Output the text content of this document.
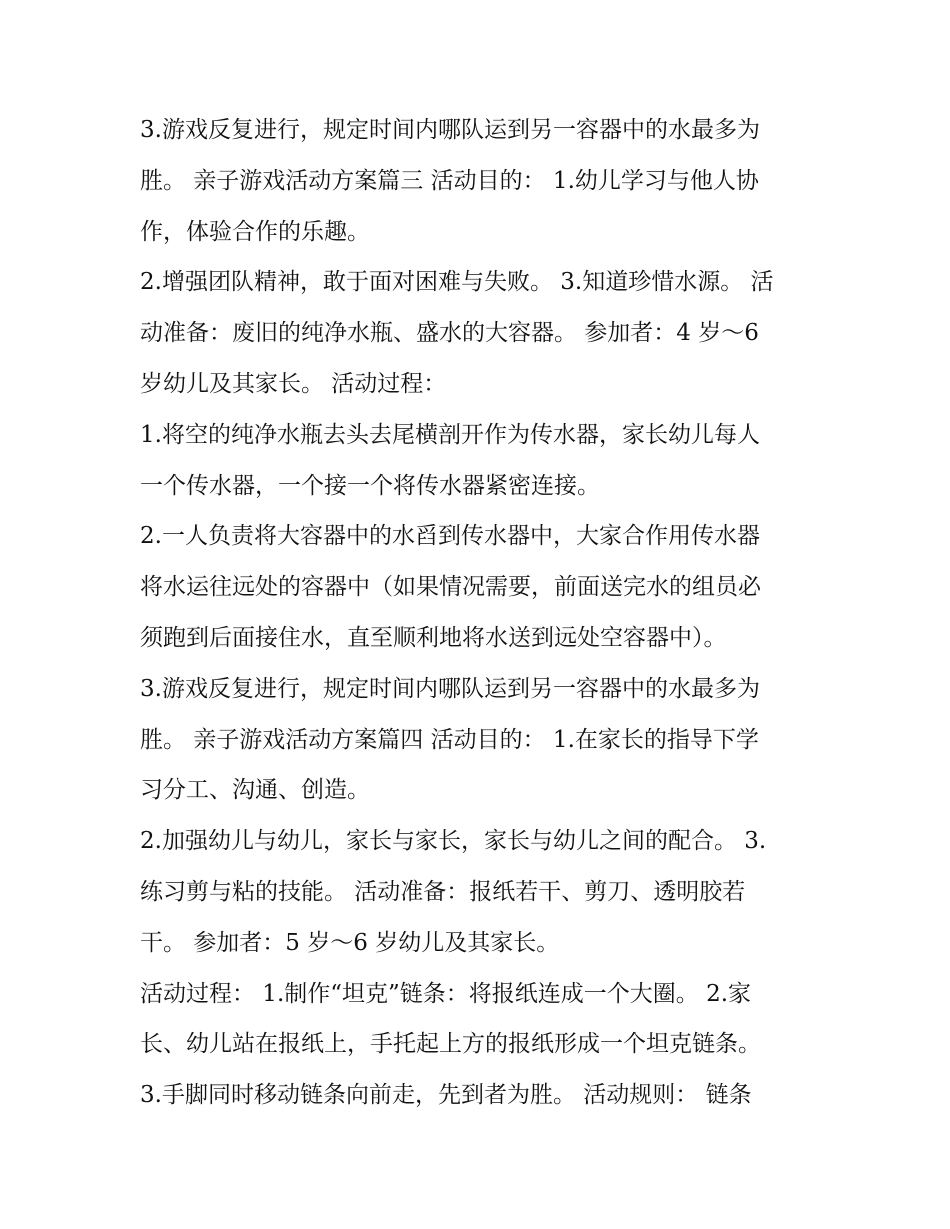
3.游戏反复进行，规定时间内哪队运到另一容器中的水最多为
胜。 亲子游戏活动方案篇三 活动目的： 1.幼儿学习与他人协
作，体验合作的乐趣。
2.增强团队精神，敢于面对困难与失败。 3.知道珍惜水源。 活
动准备：废旧的纯净水瓶、盛水的大容器。 参加者：4 岁～6
岁幼儿及其家长。 活动过程：
1.将空的纯净水瓶去头去尾横剖开作为传水器，家长幼儿每人
一个传水器，一个接一个将传水器紧密连接。
2.一人负责将大容器中的水舀到传水器中，大家合作用传水器
将水运往远处的容器中（如果情况需要，前面送完水的组员必
须跑到后面接住水，直至顺利地将水送到远处空容器中）。
3.游戏反复进行，规定时间内哪队运到另一容器中的水最多为
胜。 亲子游戏活动方案篇四 活动目的： 1.在家长的指导下学
习分工、沟通、创造。
2.加强幼儿与幼儿，家长与家长，家长与幼儿之间的配合。 3.
练习剪与粘的技能。 活动准备：报纸若干、剪刀、透明胶若
干。 参加者：5 岁～6 岁幼儿及其家长。
活动过程： 1.制作“坦克”链条：将报纸连成一个大圈。 2.家
长、幼儿站在报纸上，手托起上方的报纸形成一个坦克链条。
3.手脚同时移动链条向前走，先到者为胜。 活动规则： 链条
